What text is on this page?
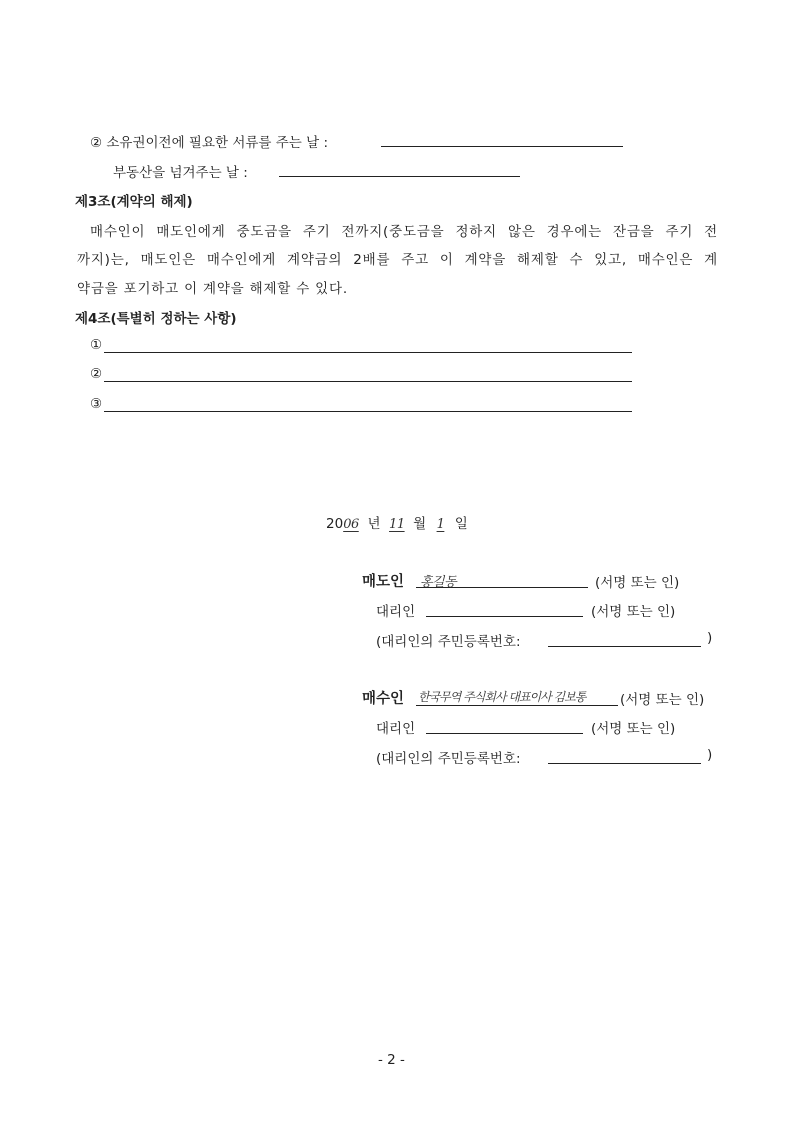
② 소유권이전에 필요한 서류를 주는 날 :
부동산을 넘겨주는 날 :
제3조(계약의 해제)
매수인이 매도인에게 중도금을 주기 전까지(중도금을 정하지 않은 경우에는 잔금을 주기 전
까지)는, 매도인은 매수인에게 계약금의 2배를 주고 이 계약을 해제할 수 있고, 매수인은 계
약금을 포기하고 이 계약을 해제할 수 있다.
제4조(특별히 정하는 사항)
①
②
③
2006 년 11 월 1 일
매도인 홍길동	(서명 또는 인)
대리인	(서명 또는 인)
(대리인의 주민등록번호:	)
매수인 한국무역 주식회사 대표이사 김보통	(서명 또는 인)
대리인	(서명 또는 인)
(대리인의 주민등록번호:	)
- 2 -
